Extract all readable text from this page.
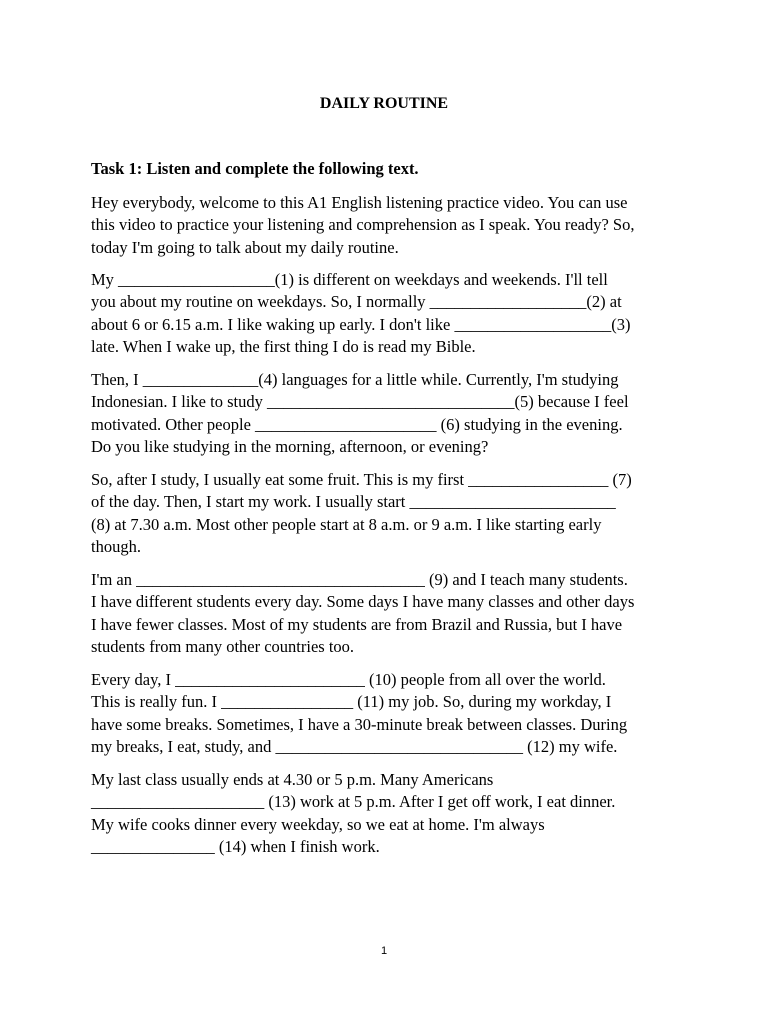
DAILY ROUTINE
Task 1: Listen and complete the following text.

Hey everybody, welcome to this A1 English listening practice video. You can use
this video to practice your listening and comprehension as I speak. You ready? So,
today I'm going to talk about my daily routine.

My ___________________(1) is different on weekdays and weekends. I'll tell
you about my routine on weekdays. So, I normally ___________________(2) at
about 6 or 6.15 a.m. I like waking up early. I don't like ___________________(3)
late. When I wake up, the first thing I do is read my Bible.

Then, I ______________(4) languages for a little while. Currently, I'm studying
Indonesian. I like to study ______________________________(5) because I feel
motivated. Other people ______________________ (6) studying in the evening.
Do you like studying in the morning, afternoon, or evening?

So, after I study, I usually eat some fruit. This is my first _________________ (7)
of the day. Then, I start my work. I usually start _________________________
(8) at 7.30 a.m. Most other people start at 8 a.m. or 9 a.m. I like starting early
though.

I'm an ___________________________________ (9) and I teach many students.
I have different students every day. Some days I have many classes and other days
I have fewer classes. Most of my students are from Brazil and Russia, but I have
students from many other countries too.

Every day, I _______________________ (10) people from all over the world.
This is really fun. I ________________ (11) my job. So, during my workday, I
have some breaks. Sometimes, I have a 30-minute break between classes. During
my breaks, I eat, study, and ______________________________ (12) my wife.

My last class usually ends at 4.30 or 5 p.m. Many Americans
_____________________ (13) work at 5 p.m. After I get off work, I eat dinner.
My wife cooks dinner every weekday, so we eat at home. I'm always
_______________ (14) when I finish work.

1
